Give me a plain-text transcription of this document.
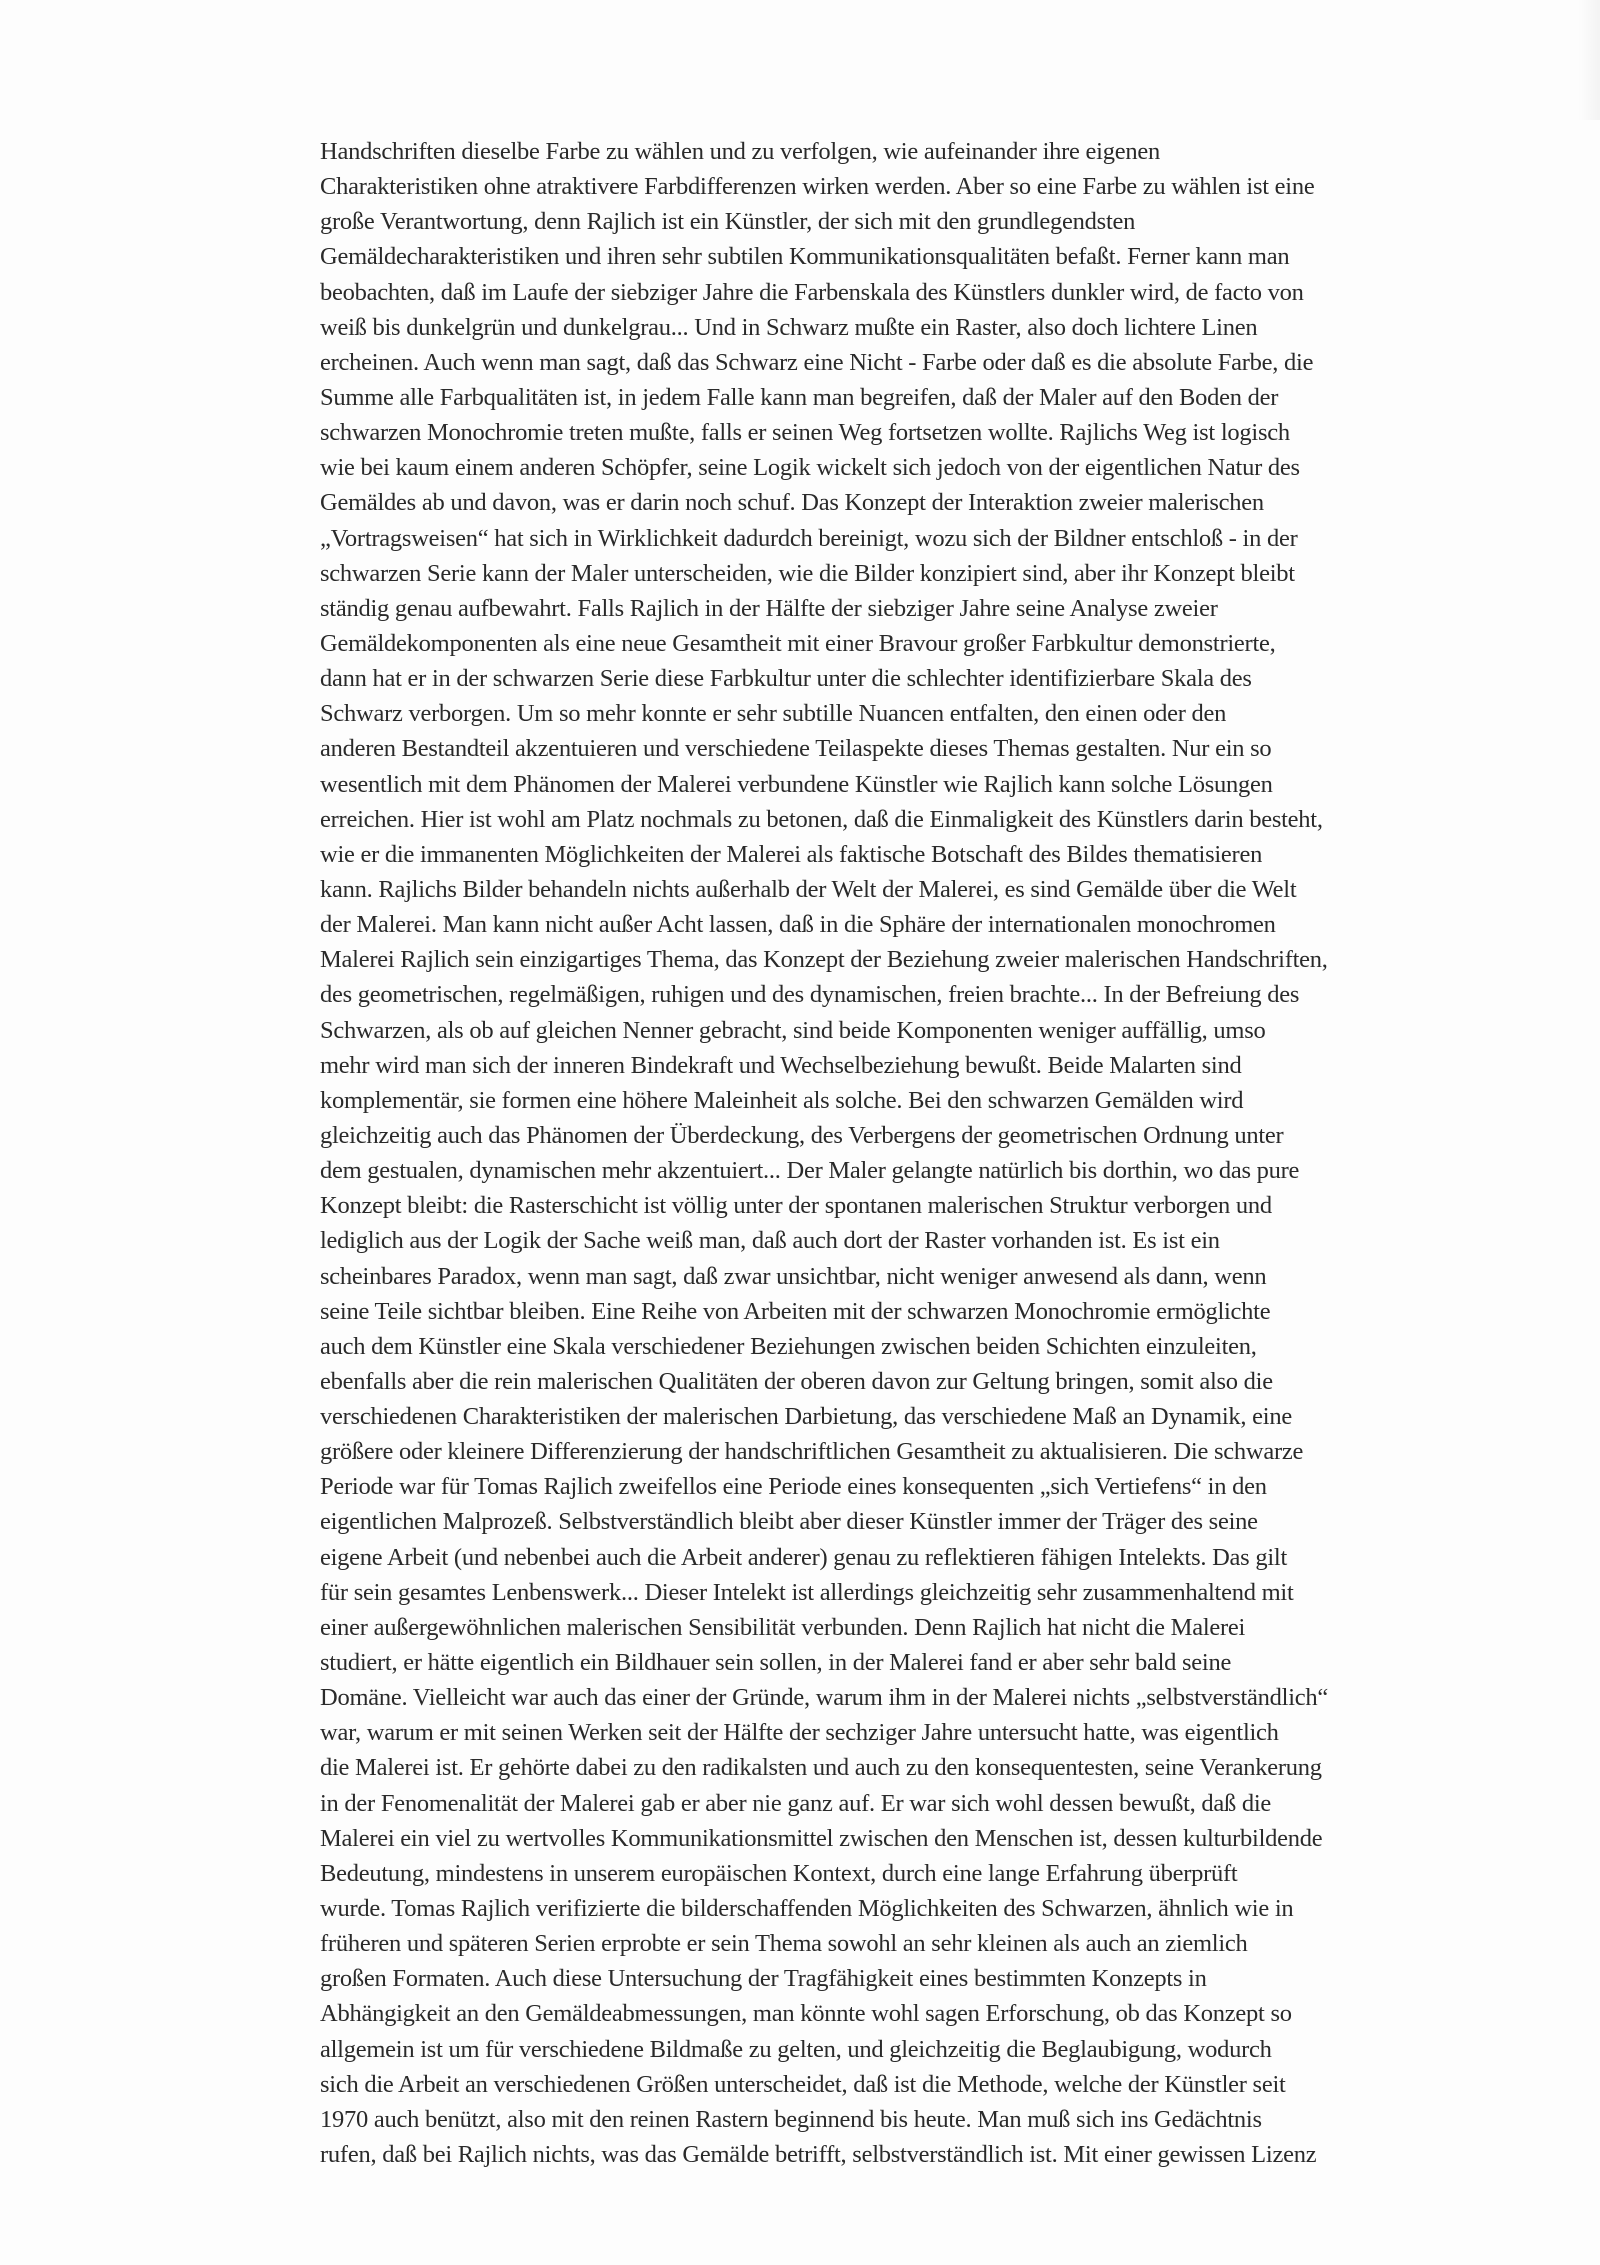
Handschriften dieselbe Farbe zu wählen und zu verfolgen, wie aufeinander ihre eigenen
Charakteristiken ohne atraktivere Farbdifferenzen wirken werden. Aber so eine Farbe zu wählen ist eine
große Verantwortung, denn Rajlich ist ein Künstler, der sich mit den grundlegendsten
Gemäldecharakteristiken und ihren sehr subtilen Kommunikationsqualitäten befaßt. Ferner kann man
beobachten, daß im Laufe der siebziger Jahre die Farbenskala des Künstlers dunkler wird, de facto von
weiß bis dunkelgrün und dunkelgrau... Und in Schwarz mußte ein Raster, also doch lichtere Linen
ercheinen. Auch wenn man sagt, daß das Schwarz eine Nicht - Farbe oder daß es die absolute Farbe, die
Summe alle Farbqualitäten ist, in jedem Falle kann man begreifen, daß der Maler auf den Boden der
schwarzen Monochromie treten mußte, falls er seinen Weg fortsetzen wollte. Rajlichs Weg ist logisch
wie bei kaum einem anderen Schöpfer, seine Logik wickelt sich jedoch von der eigentlichen Natur des
Gemäldes ab und davon, was er darin noch schuf. Das Konzept der Interaktion zweier malerischen
„Vortragsweisen“ hat sich in Wirklichkeit dadurdch bereinigt, wozu sich der Bildner entschloß - in der
schwarzen Serie kann der Maler unterscheiden, wie die Bilder konzipiert sind, aber ihr Konzept bleibt
ständig genau aufbewahrt. Falls Rajlich in der Hälfte der siebziger Jahre seine Analyse zweier
Gemäldekomponenten als eine neue Gesamtheit mit einer Bravour großer Farbkultur demonstrierte,
dann hat er in der schwarzen Serie diese Farbkultur unter die schlechter identifizierbare Skala des
Schwarz verborgen. Um so mehr konnte er sehr subtille Nuancen entfalten, den einen oder den
anderen Bestandteil akzentuieren und verschiedene Teilaspekte dieses Themas gestalten. Nur ein so
wesentlich mit dem Phänomen der Malerei verbundene Künstler wie Rajlich kann solche Lösungen
erreichen. Hier ist wohl am Platz nochmals zu betonen, daß die Einmaligkeit des Künstlers darin besteht,
wie er die immanenten Möglichkeiten der Malerei als faktische Botschaft des Bildes thematisieren
kann. Rajlichs Bilder behandeln nichts außerhalb der Welt der Malerei, es sind Gemälde über die Welt
der Malerei. Man kann nicht außer Acht lassen, daß in die Sphäre der internationalen monochromen
Malerei Rajlich sein einzigartiges Thema, das Konzept der Beziehung zweier malerischen Handschriften,
des geometrischen, regelmäßigen, ruhigen und des dynamischen, freien brachte... In der Befreiung des
Schwarzen, als ob auf gleichen Nenner gebracht, sind beide Komponenten weniger auffällig, umso
mehr wird man sich der inneren Bindekraft und Wechselbeziehung bewußt. Beide Malarten sind
komplementär, sie formen eine höhere Maleinheit als solche. Bei den schwarzen Gemälden wird
gleichzeitig auch das Phänomen der Überdeckung, des Verbergens der geometrischen Ordnung unter
dem gestualen, dynamischen mehr akzentuiert... Der Maler gelangte natürlich bis dorthin, wo das pure
Konzept bleibt: die Rasterschicht ist völlig unter der spontanen malerischen Struktur verborgen und
lediglich aus der Logik der Sache weiß man, daß auch dort der Raster vorhanden ist. Es ist ein
scheinbares Paradox, wenn man sagt, daß zwar unsichtbar, nicht weniger anwesend als dann, wenn
seine Teile sichtbar bleiben. Eine Reihe von Arbeiten mit der schwarzen Monochromie ermöglichte
auch dem Künstler eine Skala verschiedener Beziehungen zwischen beiden Schichten einzuleiten,
ebenfalls aber die rein malerischen Qualitäten der oberen davon zur Geltung bringen, somit also die
verschiedenen Charakteristiken der malerischen Darbietung, das verschiedene Maß an Dynamik, eine
größere oder kleinere Differenzierung der handschriftlichen Gesamtheit zu aktualisieren. Die schwarze
Periode war für Tomas Rajlich zweifellos eine Periode eines konsequenten „sich Vertiefens“ in den
eigentlichen Malprozeß. Selbstverständlich bleibt aber dieser Künstler immer der Träger des seine
eigene Arbeit (und nebenbei auch die Arbeit anderer) genau zu reflektieren fähigen Intelekts. Das gilt
für sein gesamtes Lenbenswerk... Dieser Intelekt ist allerdings gleichzeitig sehr zusammenhaltend mit
einer außergewöhnlichen malerischen Sensibilität verbunden. Denn Rajlich hat nicht die Malerei
studiert, er hätte eigentlich ein Bildhauer sein sollen, in der Malerei fand er aber sehr bald seine
Domäne. Vielleicht war auch das einer der Gründe, warum ihm in der Malerei nichts „selbstverständlich“
war, warum er mit seinen Werken seit der Hälfte der sechziger Jahre untersucht hatte, was eigentlich
die Malerei ist. Er gehörte dabei zu den radikalsten und auch zu den konsequentesten, seine Verankerung
in der Fenomenalität der Malerei gab er aber nie ganz auf. Er war sich wohl dessen bewußt, daß die
Malerei ein viel zu wertvolles Kommunikationsmittel zwischen den Menschen ist, dessen kulturbildende
Bedeutung, mindestens in unserem europäischen Kontext, durch eine lange Erfahrung überprüft
wurde. Tomas Rajlich verifizierte die bilderschaffenden Möglichkeiten des Schwarzen, ähnlich wie in
früheren und späteren Serien erprobte er sein Thema sowohl an sehr kleinen als auch an ziemlich
großen Formaten. Auch diese Untersuchung der Tragfähigkeit eines bestimmten Konzepts in
Abhängigkeit an den Gemäldeabmessungen, man könnte wohl sagen Erforschung, ob das Konzept so
allgemein ist um für verschiedene Bildmaße zu gelten, und gleichzeitig die Beglaubigung, wodurch
sich die Arbeit an verschiedenen Größen unterscheidet, daß ist die Methode, welche der Künstler seit
1970 auch benützt, also mit den reinen Rastern beginnend bis heute. Man muß sich ins Gedächtnis
rufen, daß bei Rajlich nichts, was das Gemälde betrifft, selbstverständlich ist. Mit einer gewissen Lizenz
